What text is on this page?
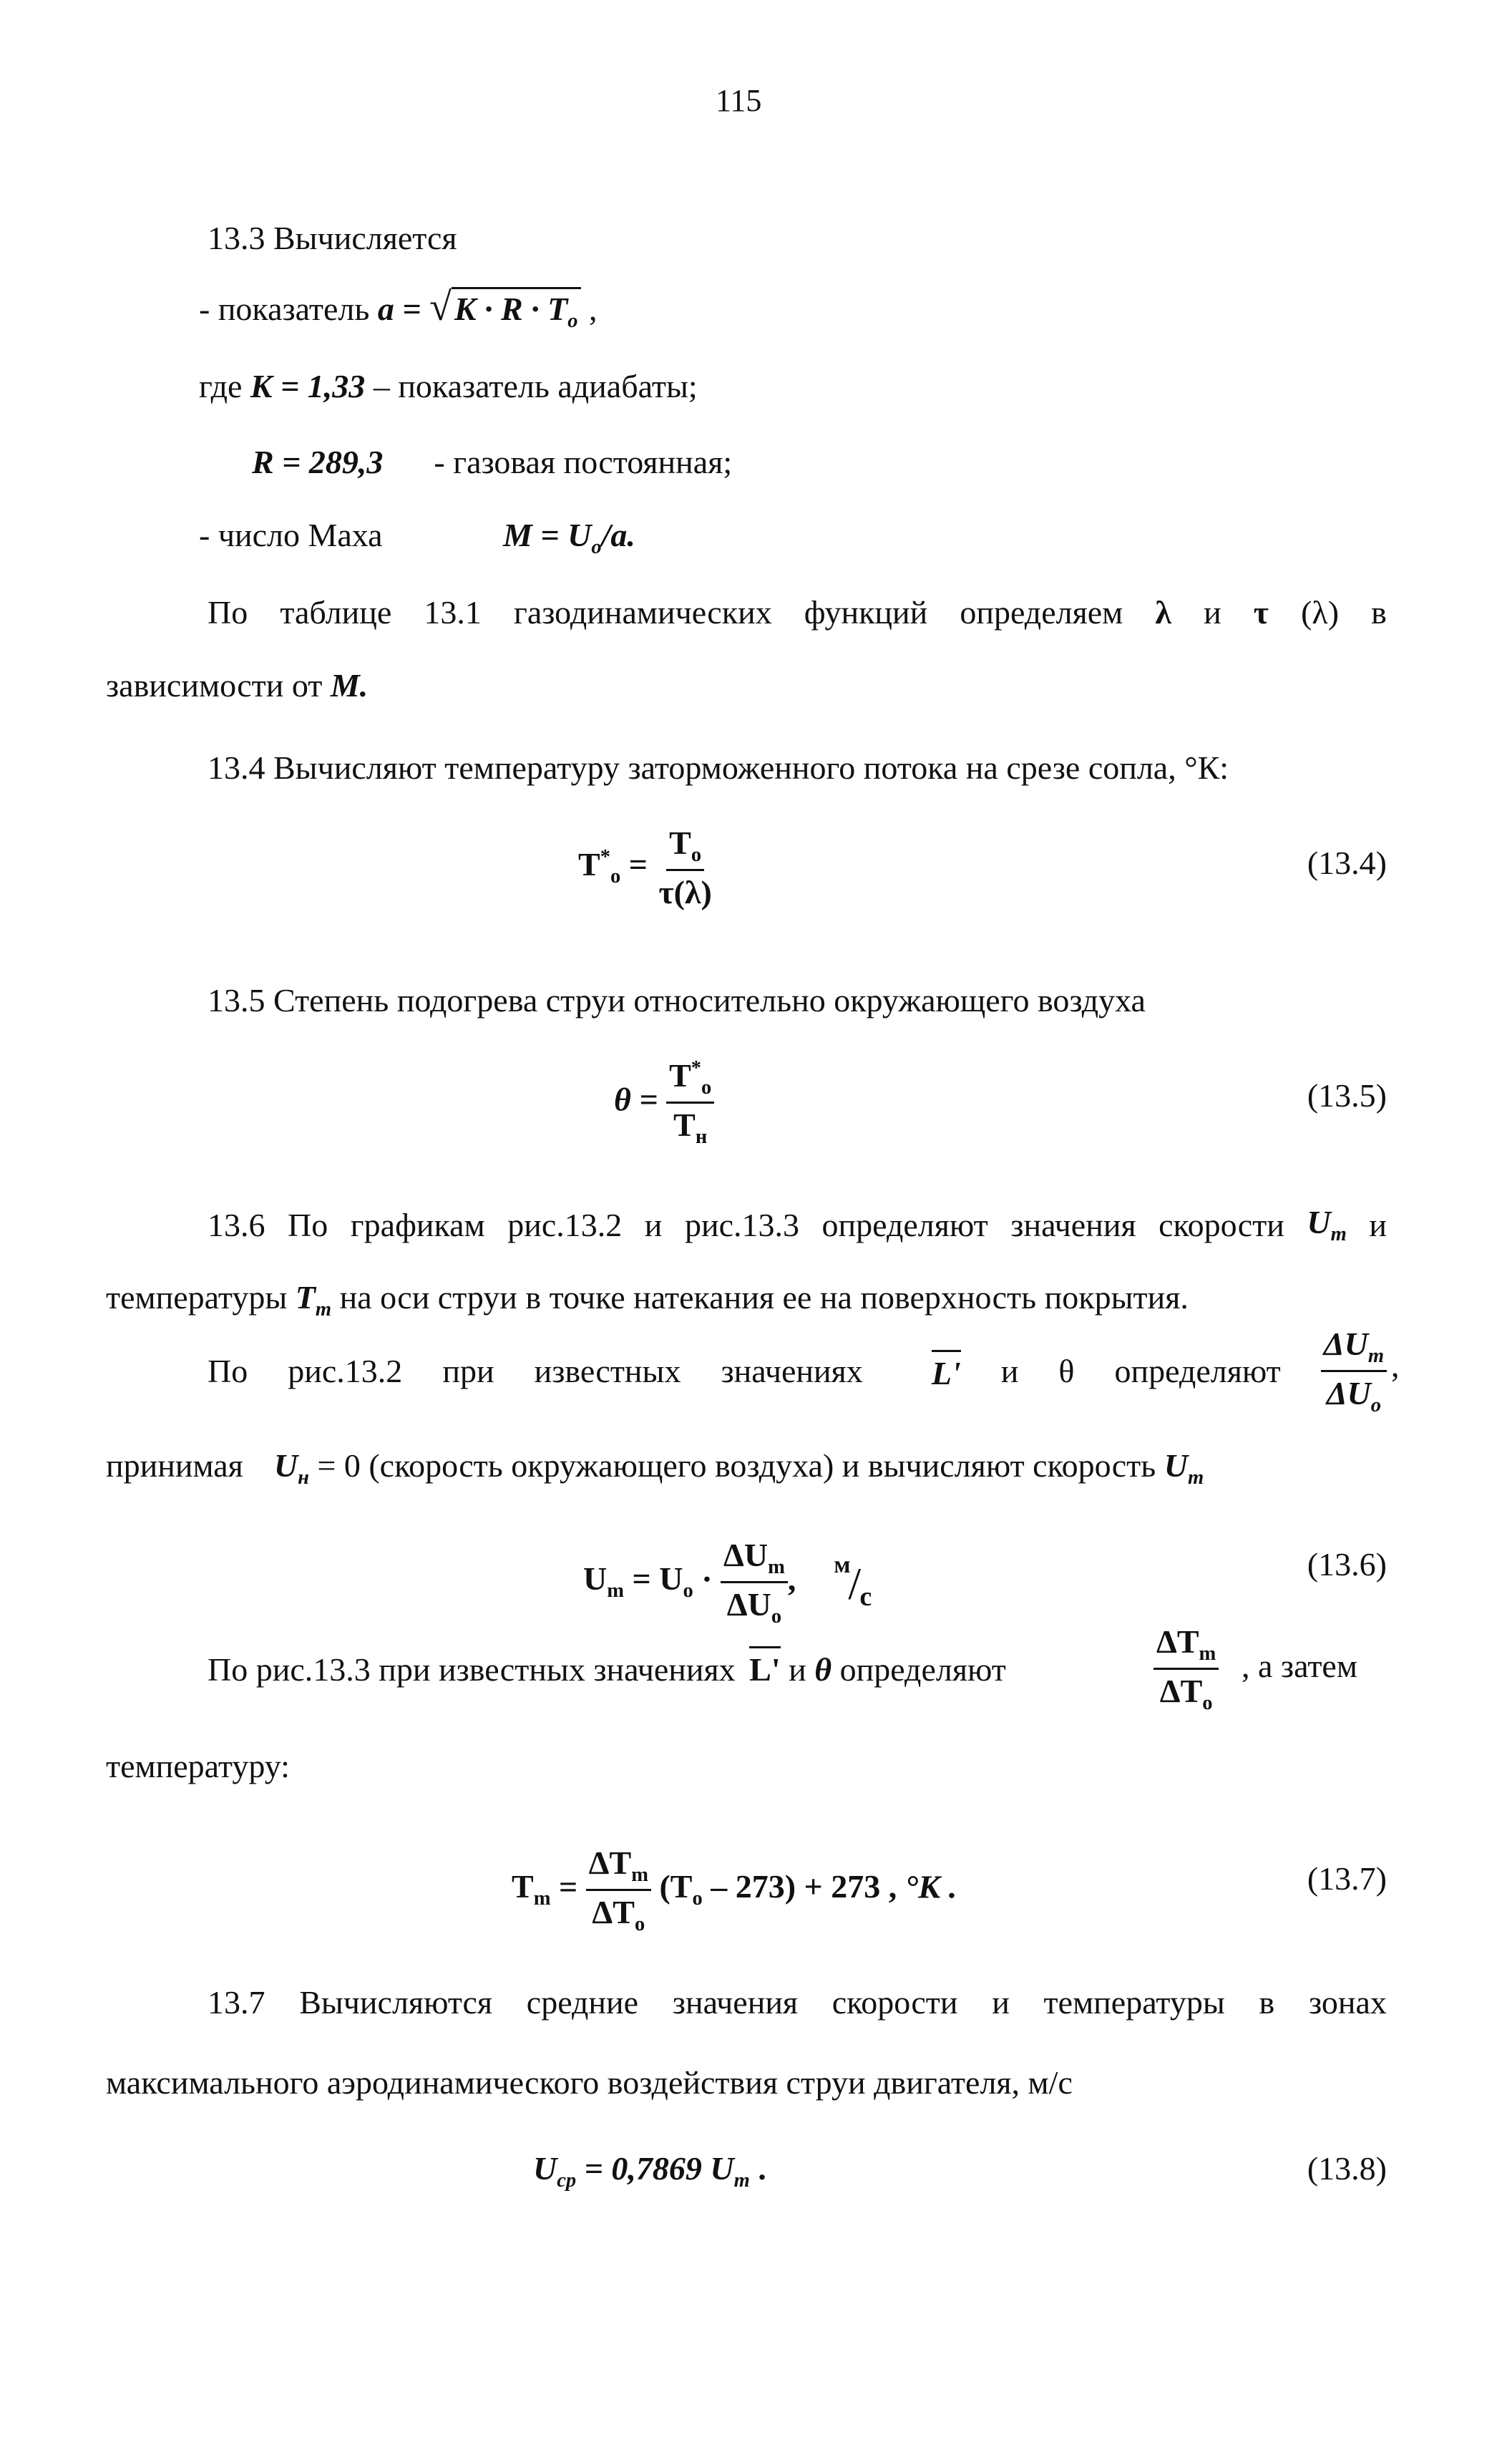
115
13.3 Вычисляется
- показатель $a = √K \cdot R \cdot T_o$ ,
где K = 1,33 – показатель адиабаты;
R = 289,3 - газовая постоянная;
- число Маха	$M = U_o/a$.
По таблице 13.1 газодинамических функций определяем λ и τ (λ) в
зависимости от M.
13.4 Вычисляют температуру заторможенного потока на срезе сопла, °К:
$T^*_o = \frac{T_o}{\tau(\lambda)}$	(13.4)
13.5 Степень подогрева струи относительно окружающего воздуха
$\theta = \frac{T^*_o}{T_н}$	(13.5)
13.6 По графикам рис.13.2 и рис.13.3 определяют значения скорости $U_m$ и
температуры $T_m$ на оси струи в точке натекания ее на поверхность покрытия.
По рис.13.2 при известных значениях L' и θ определяют $\frac{\Delta U_m}{\Delta U_o}$ ,
принимая $U_н = 0$ (скорость окружающего воздуха) и вычисляют скорость $U_m$
$U_m = U_o \cdot \frac{\Delta U_m}{\Delta U_o}$ , м
/
с
(13.6)
По рис.13.3 при известных значениях L' и θ определяют	$\frac{\Delta T_m}{\Delta T_o}$ , а затем
температуру:
$T_m = \frac{\Delta T_m}{\Delta T_o} (T_o - 273) + 273$ , °К .	(13.7)
13.7 Вычисляются средние значения скорости и температуры в зонах
максимального аэродинамического воздействия струи двигателя, м/с
$U_{ср} = 0,7869$ $U_m$ .	(13.8)
